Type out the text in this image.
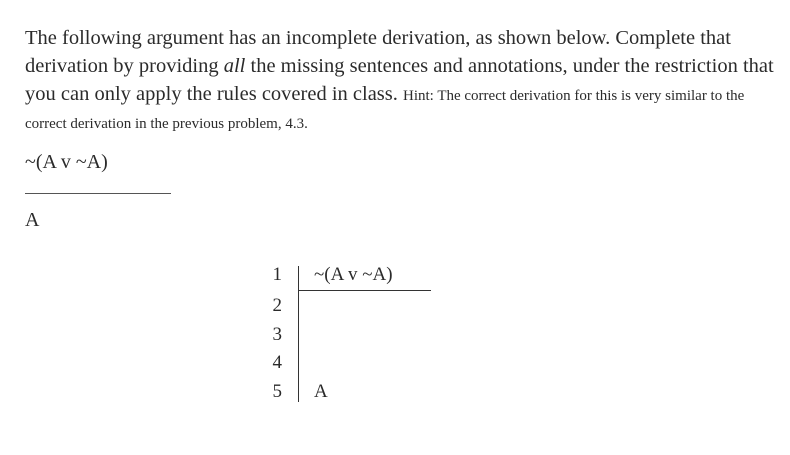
The following argument has an incomplete derivation, as shown below. Complete that derivation by providing all the missing sentences and annotations, under the restriction that you can only apply the rules covered in class. Hint: The correct derivation for this is very similar to the correct derivation in the previous problem, 4.3.

~(A v ~A)
A
1 ~(A v ~A)
2
3
4
5 A
